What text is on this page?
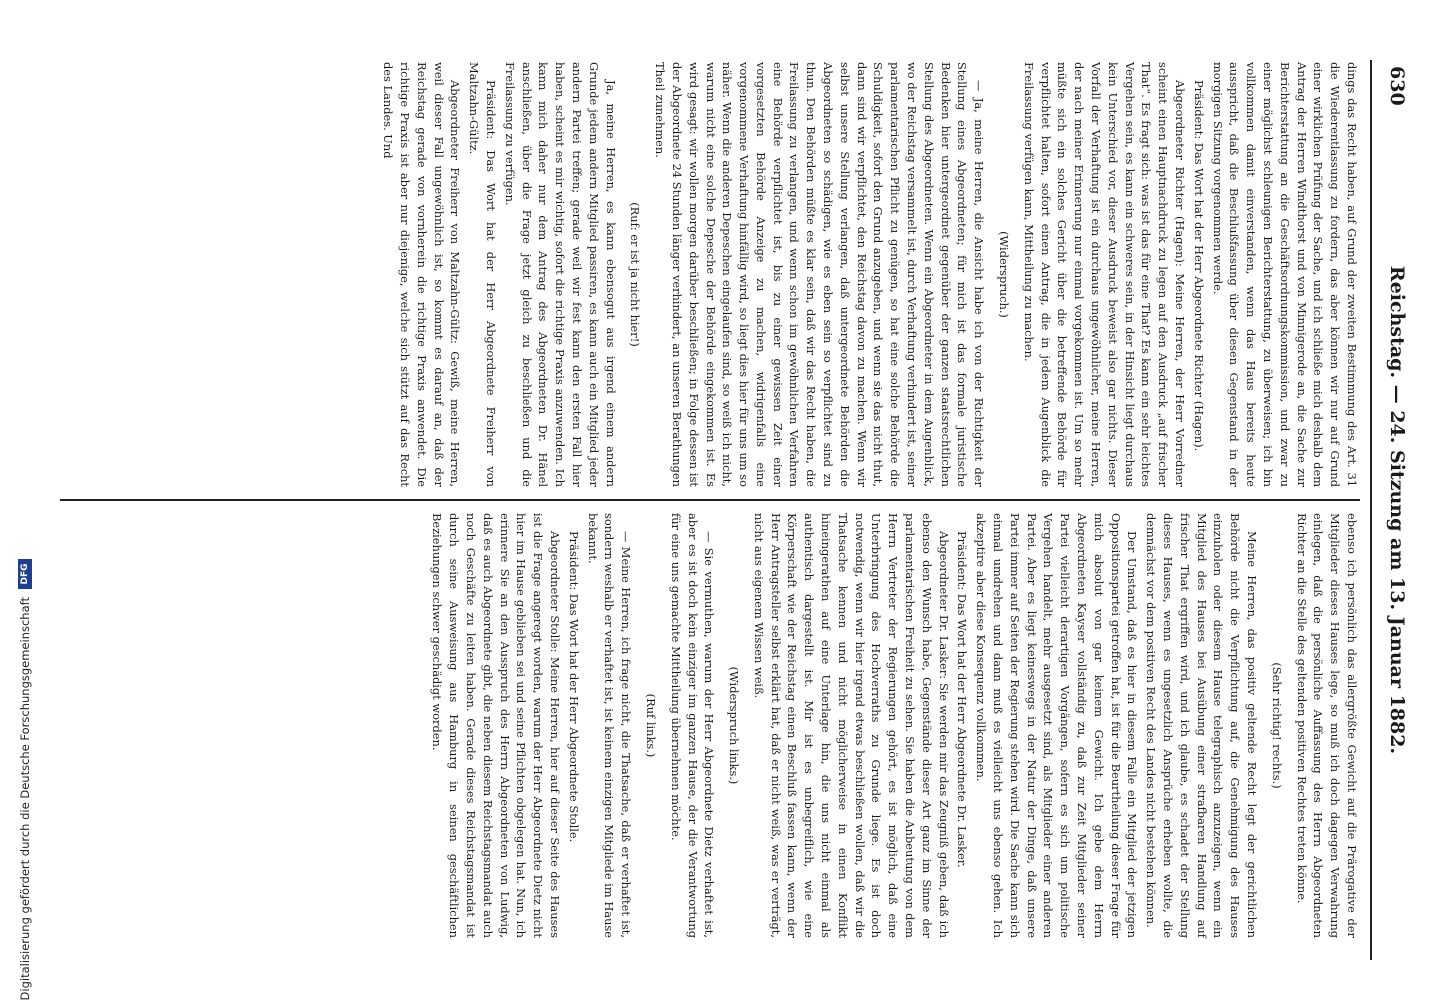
630
Reichstag. — 24. Sitzung am 13. Januar 1882.

dings das Recht haben, auf Grund der zweiten Bestimmung des Art. 31 die Wiederentlassung zu fordern, das aber können wir nur auf Grund einer wirklichen Prüfung der Sache, und ich schließe mich deshalb dem Antrag der Herren Windthorst und von Minnigerode an, die Sache zur Berichterstattung an die Geschäftsordnungskommission, und zwar zu einer möglichst schleunigen Berichterstattung, zu überweisen; ich bin vollkommen damit einverstanden, wenn das Haus bereits heute ausspricht, daß die Beschlußfassung über diesen Gegenstand in der morgigen Sitzung vorgenommen werde.

Präsident: Das Wort hat der Herr Abgeordnete Richter (Hagen).

Abgeordneter Richter (Hagen): Meine Herren, der Herr Vorredner scheint einen Hauptnachdruck zu legen auf den Ausdruck „auf frischer That“. Es fragt sich: was ist das für eine That? Es kann ein sehr leichtes Vergehen sein, es kann ein schweres sein, in der Hinsicht liegt durchaus kein Unterschied vor, dieser Ausdruck beweist also gar nichts. Dieser Vorfall der Verhaftung ist ein durchaus ungewöhnlicher, meine Herren, der nach meiner Erinnerung nur einmal vorgekommen ist. Um so mehr müßte sich ein solches Gericht über die betreffende Behörde für verpflichtet halten, sofort einen Antrag, die in jedem Augenblick die Freilassung verfügen kann, Mittheilung zu machen.

(Widerspruch.)

— Ja, meine Herren, die Ansicht habe ich von der Richtigkeit der Stellung eines Abgeordneten; für mich ist das formale juristische Bedenken hier untergeordnet gegenüber der ganzen staatsrechtlichen Stellung des Abgeordneten. Wenn ein Abgeordneter in dem Augenblick, wo der Reichstag versammelt ist, durch Verhaftung verhindert ist, seiner parlamentarischen Pflicht zu genügen, so hat eine solche Behörde die Schuldigkeit, sofort den Grund anzugeben, und wenn sie das nicht thut, dann sind wir verpflichtet, den Reichstag davon zu machen. Wenn wir selbst unsere Stellung verlangen, daß untergeordnete Behörden die Abgeordneten so schädigen, wie es eben sein so verpflichtet sind zu thun. Den Behörden müßte es klar sein, daß wir das Recht haben, die Freilassung zu verlangen, und wenn schon im gewöhnlichen Verfahren eine Behörde verpflichtet ist, bis zu einer gewissen Zeit einer vorgesetzten Behörde Anzeige zu machen, widrigenfalls eine vorgenommene Verhaftung hinfällig wird, so liegt dies hier für uns um so näher. Wenn die anderen Depeschen eingelaufen sind, so weiß ich nicht, warum nicht eine solche Depesche der Behörde eingekommen ist. Es wird gesagt: wir wollen morgen darüber beschließen; in Folge dessen ist der Abgeordnete 24 Stunden länger verhindert, an unseren Berathungen Theil zunehmen.

(Ruf: er ist ja nicht hier!)

Ja, meine Herren, es kann ebensogut aus irgend einem andern Grunde jedem andern Mitglied passiren, es kann auch ein Mitglied jeder andern Partei treffen; gerade weil wir fest kann den ersten Fall hier haben, scheint es mir wichtig, sofort die richtige Praxis anzuwenden. Ich kann mich daher nur dem Antrag des Abgeordneten Dr. Hänel anschließen, über die Frage jetzt gleich zu beschließen und die Freilassung zu verfügen.

Präsident: Das Wort hat der Herr Abgeordnete Freiherr von Maltzahn-Gültz.

Abgeordneter Freiherr von Maltzahn-Gültz: Gewiß, meine Herren, weil dieser Fall ungewöhnlich ist, so kommt es darauf an, daß der Reichstag gerade von vornherein die richtige Praxis anwendet. Die richtige Praxis ist aber nur diejenige, welche sich stützt auf das Recht des Landes. Und

ebenso ich persönlich das allergrößte Gewicht auf die Prärogative der Mitglieder dieses Hauses lege, so muß ich doch dagegen Verwahrung einlegen, daß die persönliche Auffassung des Herrn Abgeordneten Richter an die Stelle des geltenden positiven Rechtes treten könne.

(Sehr richtig! rechts.)

Meine Herren, das positiv geltende Recht legt der gerichtlichen Behörde nicht die Verpflichtung auf, die Genehmigung des Hauses einzuholen oder diesem Hause telegraphisch anzuzeigen, wenn ein Mitglied des Hauses bei Ausübung einer strafbaren Handlung auf frischer That ergriffen wird, und ich glaube, es schadet der Stellung dieses Hauses, wenn es ungesetzlich Ansprüche erheben wollte, die demnächst vor dem positiven Recht des Landes nicht bestehen können.

Der Umstand, daß es hier in diesem Falle ein Mitglied der jetzigen Oppositionspartei getroffen hat, ist für die Beurtheilung dieser Frage für mich absolut von gar keinem Gewicht. Ich gebe dem Herrn Abgeordneten Kayser vollständig zu, daß zur Zeit Mitglieder seiner Partei vielleicht derartigen Vorgängen, sofern es sich um politische Vergehen handelt, mehr ausgesetzt sind, als Mitglieder einer anderen Partei. Aber es liegt keineswegs in der Natur der Dinge, daß unsere Partei immer auf Seiten der Regierung stehen wird. Die Sache kann sich einmal umdrehen und dann muß es vielleicht uns ebenso gehen. Ich akzeptire aber diese Konsequenz vollkommen.

Präsident: Das Wort hat der Herr Abgeordnete Dr. Lasker.

Abgeordneter Dr. Lasker: Sie werden mir das Zeugniß geben, daß ich ebenso den Wunsch habe, Gegenstände dieser Art ganz im Sinne der parlamentarischen Freiheit zu sehen. Sie haben die Anbeutung von dem Herrn Vertreter der Regierungen gehört, es ist möglich, daß eine Unterbringung des Hochverraths zu Grunde liege. Es ist doch notwendig, wenn wir hier irgend etwas beschließen wollen, daß wir die Thatsache kennen und nicht möglicherweise in einen Konflikt hineingerathen auf eine Unterlage hin, die uns nicht einmal als authentisch dargestellt ist. Mir ist es unbegreiflich, wie eine Körperschaft wie der Reichstag einen Beschluß fassen kann, wenn der Herr Antragsteller selbst erklärt hat, daß er nicht weiß, was er verträgt, nicht aus eigenem Wissen weiß.

(Widerspruch links.)

— Sie vermuthen, warum der Herr Abgeordnete Dietz verhaftet ist, aber es ist doch kein einziger im ganzen Hause, der die Verantwortung für eine uns gemachte Mittheilung übernehmen möchte.

(Ruf links.)

— Meine Herren, ich frage nicht, die Thatsache, daß er verhaftet ist, sondern weshalb er verhaftet ist, ist keinem einzigen Mitgliede im Hause bekannt.

Präsident: Das Wort hat der Herr Abgeordnete Stolle.

Abgeordneter Stolle: Meine Herren, hier auf dieser Seite des Hauses ist die Frage angeregt worden, warum der Herr Abgeordnete Dietz nicht hier im Hause geblieben sei und seine Pflichten obgelegen hat. Nun, ich erinnere Sie an den Ausspruch des Herrn Abgeordneten von Ludwig, daß es auch Abgeordnete gibt, die neben diesem Reichstagsmandat auch noch Geschäfte zu leiten haben. Gerade dieses Reichstagsmandat ist durch seine Ausweisung aus Hamburg in seinen geschäftlichen Beziehungen schwer geschädigt worden.

Digitalisierung gefördert durch die Deutsche Forschungsgemeinschaft
DFG
